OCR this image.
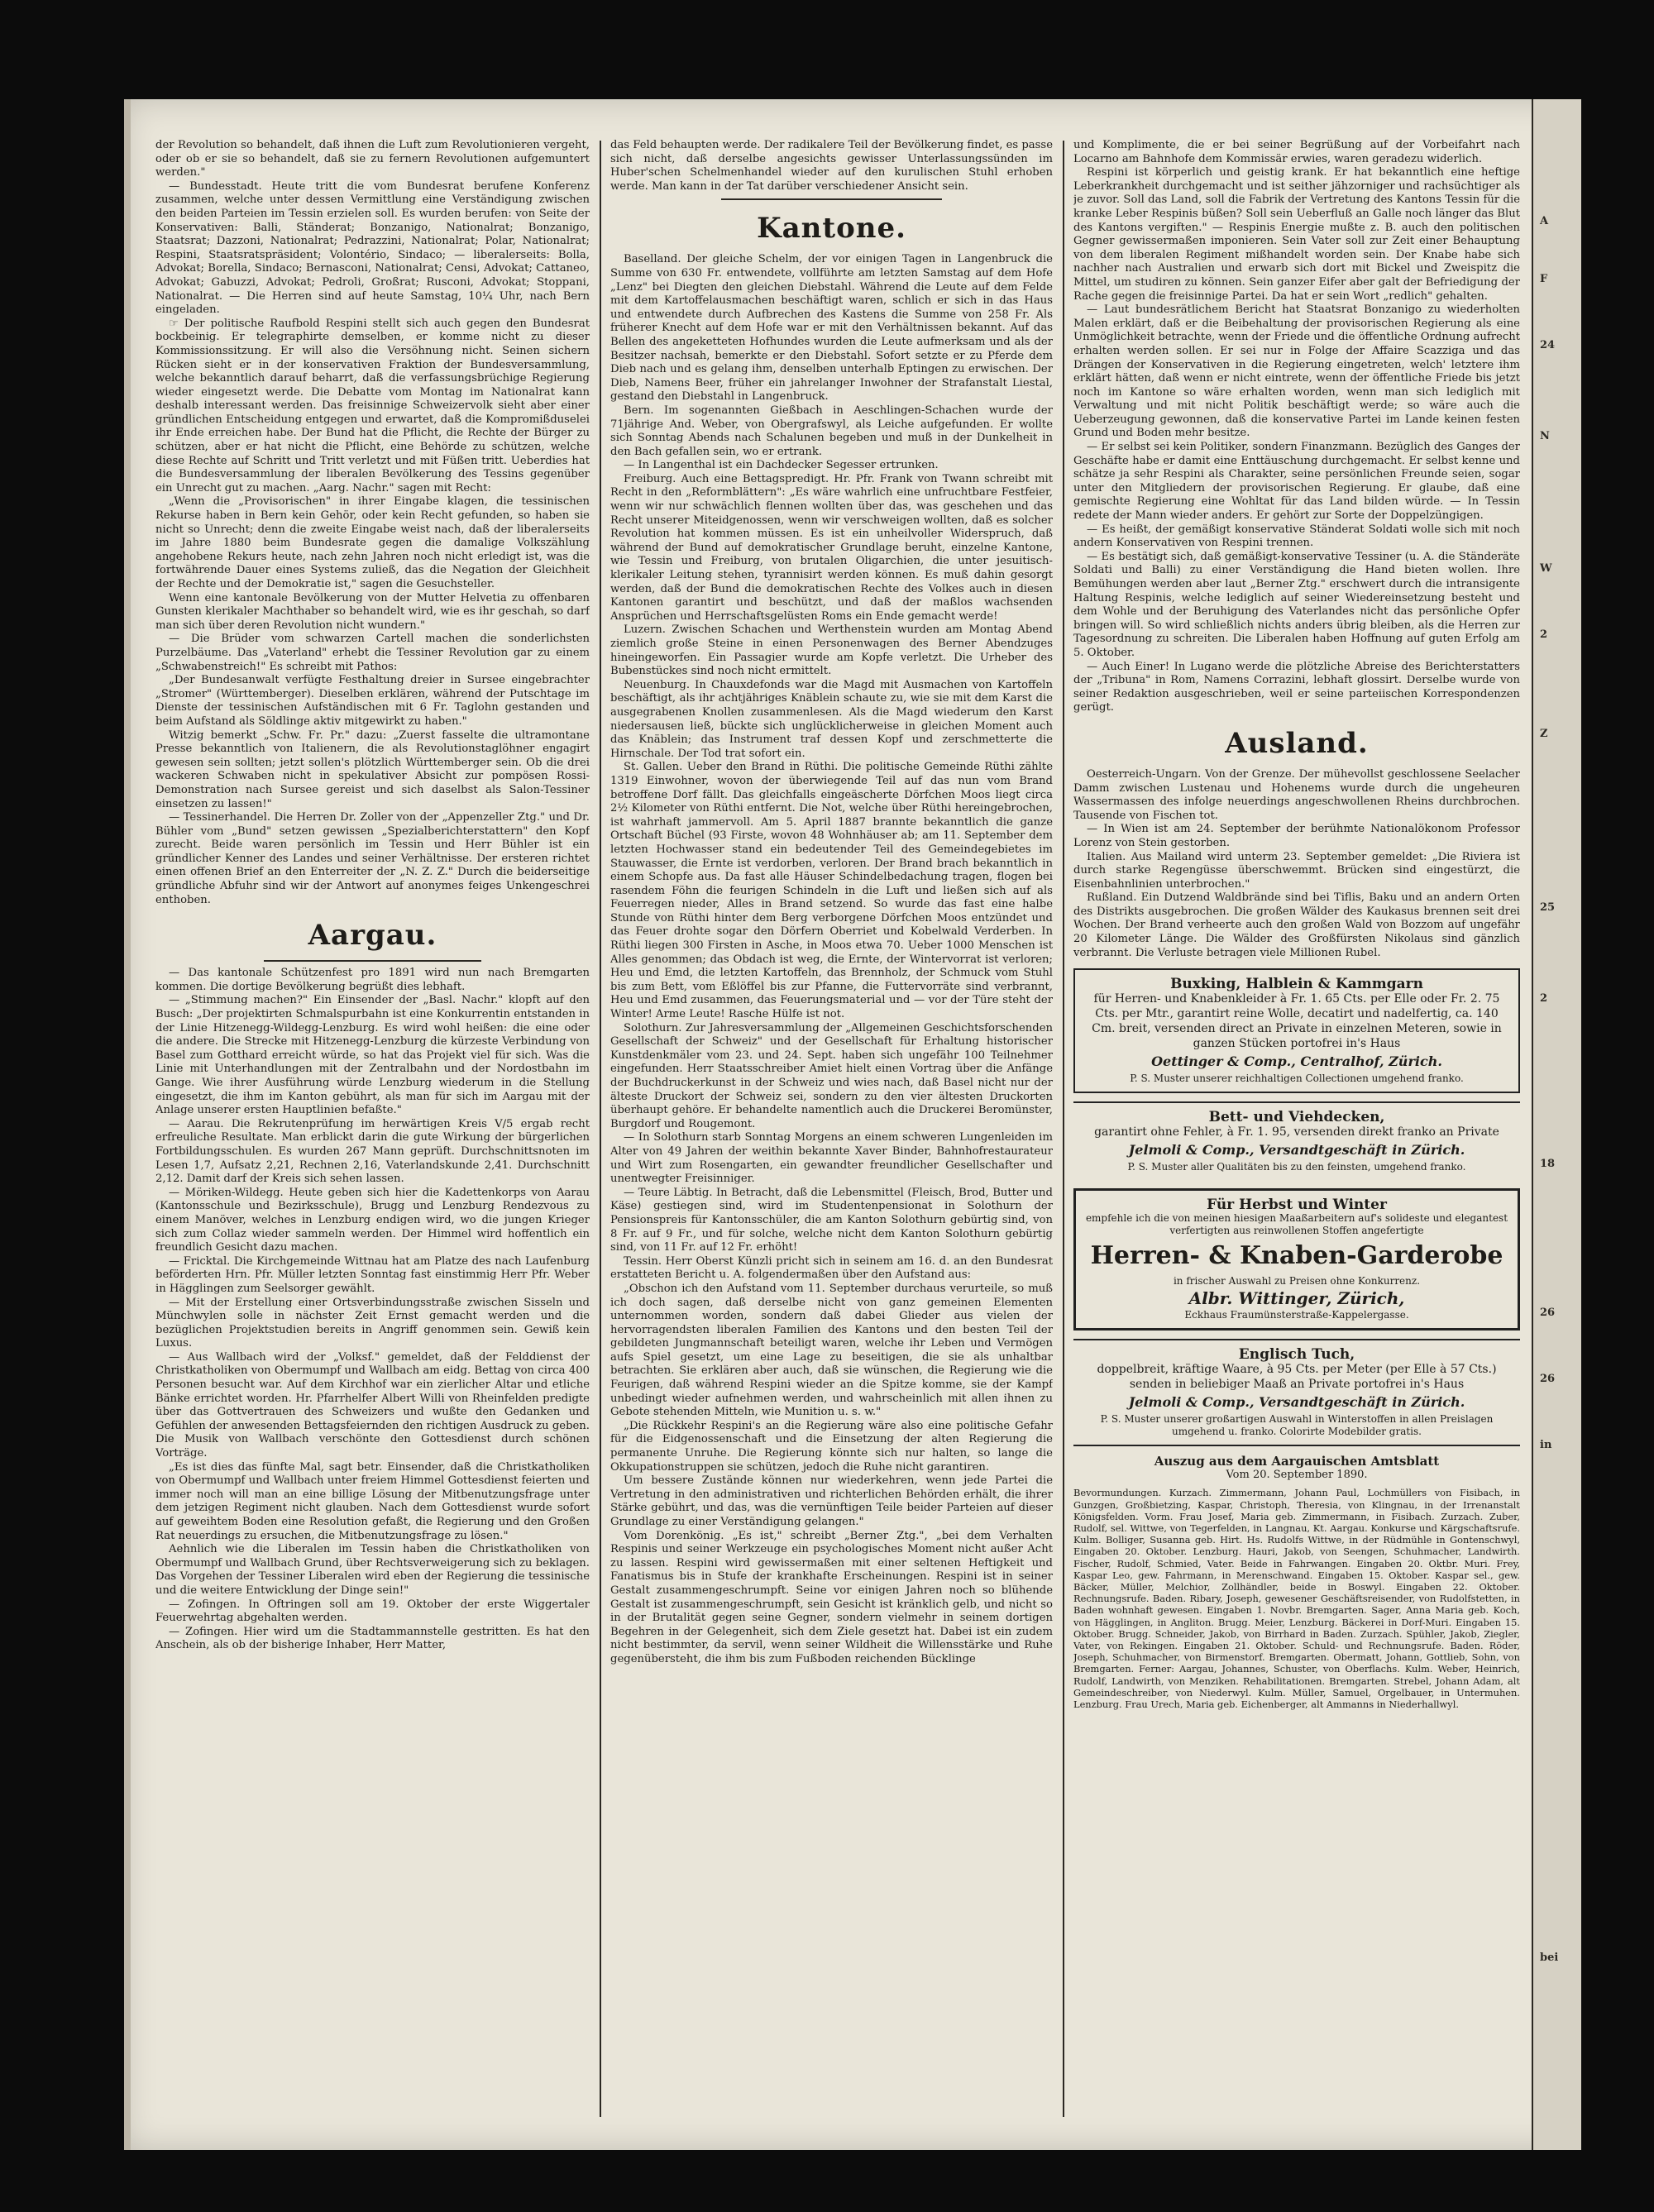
der Revolution so behandelt, daß ihnen die Luft zum Revolutionieren vergeht, oder ob er sie so behandelt, daß sie zu fernern Revolutionen aufgemuntert werden."

— Bundesstadt. Heute tritt die vom Bundesrat berufene Konferenz zusammen, welche unter dessen Vermittlung eine Verständigung zwischen den beiden Parteien im Tessin erzielen soll. Es wurden berufen: von Seite der Konservativen: Balli, Ständerat; Bonzanigo, Nationalrat; Bonzanigo, Staatsrat; Dazzoni, Nationalrat; Pedrazzini, Nationalrat; Polar, Nationalrat; Respini, Staatsratspräsident; Volontério, Sindaco; — liberalerseits: Bolla, Advokat; Borella, Sindaco; Bernasconi, Nationalrat; Censi, Advokat; Cattaneo, Advokat; Gabuzzi, Advokat; Pedroli, Großrat; Rusconi, Advokat; Stoppani, Nationalrat. — Die Herren sind auf heute Samstag, 10¼ Uhr, nach Bern eingeladen.

☞ Der politische Raufbold Respini stellt sich auch gegen den Bundesrat bockbeinig. Er telegraphirte demselben, er komme nicht zu dieser Kommissionssitzung. Er will also die Versöhnung nicht. Seinen sichern Rücken sieht er in der konservativen Fraktion der Bundesversammlung, welche bekanntlich darauf beharrt, daß die verfassungsbrüchige Regierung wieder eingesetzt werde. Die Debatte vom Montag im Nationalrat kann deshalb interessant werden. Das freisinnige Schweizervolk sieht aber einer gründlichen Entscheidung entgegen und erwartet, daß die Kompromißduselei ihr Ende erreichen habe. Der Bund hat die Pflicht, die Rechte der Bürger zu schützen, aber er hat nicht die Pflicht, eine Behörde zu schützen, welche diese Rechte auf Schritt und Tritt verletzt und mit Füßen tritt. Ueberdies hat die Bundesversammlung der liberalen Bevölkerung des Tessins gegenüber ein Unrecht gut zu machen. „Aarg. Nachr." sagen mit Recht:

„Wenn die „Provisorischen" in ihrer Eingabe klagen, die tessinischen Rekurse haben in Bern kein Gehör, oder kein Recht gefunden, so haben sie nicht so Unrecht; denn die zweite Eingabe weist nach, daß der liberalerseits im Jahre 1880 beim Bundesrate gegen die damalige Volkszählung angehobene Rekurs heute, nach zehn Jahren noch nicht erledigt ist, was die fortwährende Dauer eines Systems zuließ, das die Negation der Gleichheit der Rechte und der Demokratie ist," sagen die Gesuchsteller.

Wenn eine kantonale Bevölkerung von der Mutter Helvetia zu offenbaren Gunsten klerikaler Machthaber so behandelt wird, wie es ihr geschah, so darf man sich über deren Revolution nicht wundern."

— Die Brüder vom schwarzen Cartell machen die sonderlichsten Purzelbäume. Das „Vaterland" erhebt die Tessiner Revolution gar zu einem „Schwabenstreich!" Es schreibt mit Pathos:

„Der Bundesanwalt verfügte Festhaltung dreier in Sursee eingebrachter „Stromer" (Württemberger). Dieselben erklären, während der Putschtage im Dienste der tessinischen Aufständischen mit 6 Fr. Taglohn gestanden und beim Aufstand als Söldlinge aktiv mitgewirkt zu haben."

Witzig bemerkt „Schw. Fr. Pr." dazu: „Zuerst fasselte die ultramontane Presse bekanntlich von Italienern, die als Revolutionstaglöhner engagirt gewesen sein sollten; jetzt sollen's plötzlich Württemberger sein. Ob die drei wackeren Schwaben nicht in spekulativer Absicht zur pompösen Rossi-Demonstration nach Sursee gereist und sich daselbst als Salon-Tessiner einsetzen zu lassen!"

— Tessinerhandel. Die Herren Dr. Zoller von der „Appenzeller Ztg." und Dr. Bühler vom „Bund" setzen gewissen „Spezialberichterstattern" den Kopf zurecht. Beide waren persönlich im Tessin und Herr Bühler ist ein gründlicher Kenner des Landes und seiner Verhältnisse. Der ersteren richtet einen offenen Brief an den Enterreiter der „N. Z. Z." Durch die beiderseitige gründliche Abfuhr sind wir der Antwort auf anonymes feiges Unkengeschrei enthoben.

Aargau.

— Das kantonale Schützenfest pro 1891 wird nun nach Bremgarten kommen. Die dortige Bevölkerung begrüßt dies lebhaft.

— „Stimmung machen?" Ein Einsender der „Basl. Nachr." klopft auf den Busch: „Der projektirten Schmalspurbahn ist eine Konkurrentin entstanden in der Linie Hitzenegg-Wildegg-Lenzburg. Es wird wohl heißen: die eine oder die andere. Die Strecke mit Hitzenegg-Lenzburg die kürzeste Verbindung von Basel zum Gotthard erreicht würde, so hat das Projekt viel für sich. Was die Linie mit Unterhandlungen mit der Zentralbahn und der Nordostbahn im Gange. Wie ihrer Ausführung würde Lenzburg wiederum in die Stellung eingesetzt, die ihm im Kanton gebührt, als man für sich im Aargau mit der Anlage unserer ersten Hauptlinien befaßte."

— Aarau. Die Rekrutenprüfung im herwärtigen Kreis V/5 ergab recht erfreuliche Resultate. Man erblickt darin die gute Wirkung der bürgerlichen Fortbildungsschulen. Es wurden 267 Mann geprüft. Durchschnittsnoten im Lesen 1,7, Aufsatz 2,21, Rechnen 2,16, Vaterlandskunde 2,41. Durchschnitt 2,12. Damit darf der Kreis sich sehen lassen.

— Möriken-Wildegg. Heute geben sich hier die Kadettenkorps von Aarau (Kantonsschule und Bezirksschule), Brugg und Lenzburg Rendezvous zu einem Manöver, welches in Lenzburg endigen wird, wo die jungen Krieger sich zum Collaz wieder sammeln werden. Der Himmel wird hoffentlich ein freundlich Gesicht dazu machen.

— Fricktal. Die Kirchgemeinde Wittnau hat am Platze des nach Laufenburg beförderten Hrn. Pfr. Müller letzten Sonntag fast einstimmig Herr Pfr. Weber in Hägglingen zum Seelsorger gewählt.

— Mit der Erstellung einer Ortsverbindungsstraße zwischen Sisseln und Münchwylen solle in nächster Zeit Ernst gemacht werden und die bezüglichen Projektstudien bereits in Angriff genommen sein. Gewiß kein Luxus.

— Aus Wallbach wird der „Volksf." gemeldet, daß der Felddienst der Christkatholiken von Obermumpf und Wallbach am eidg. Bettag von circa 400 Personen besucht war. Auf dem Kirchhof war ein zierlicher Altar und etliche Bänke errichtet worden. Hr. Pfarrhelfer Albert Willi von Rheinfelden predigte über das Gottvertrauen des Schweizers und wußte den Gedanken und Gefühlen der anwesenden Bettagsfeiernden den richtigen Ausdruck zu geben. Die Musik von Wallbach verschönte den Gottesdienst durch schönen Vorträge.

„Es ist dies das fünfte Mal, sagt betr. Einsender, daß die Christkatholiken von Obermumpf und Wallbach unter freiem Himmel Gottesdienst feierten und immer noch will man an eine billige Lösung der Mitbenutzungsfrage unter dem jetzigen Regiment nicht glauben. Nach dem Gottesdienst wurde sofort auf geweihtem Boden eine Resolution gefaßt, die Regierung und den Großen Rat neuerdings zu ersuchen, die Mitbenutzungsfrage zu lösen."

Aehnlich wie die Liberalen im Tessin haben die Christkatholiken von Obermumpf und Wallbach Grund, über Rechtsverweigerung sich zu beklagen. Das Vorgehen der Tessiner Liberalen wird eben der Regierung die tessinische und die weitere Entwicklung der Dinge sein!"

— Zofingen. In Oftringen soll am 19. Oktober der erste Wiggertaler Feuerwehrtag abgehalten werden.

— Zofingen. Hier wird um die Stadtammannstelle gestritten. Es hat den Anschein, als ob der bisherige Inhaber, Herr Matter,

das Feld behaupten werde. Der radikalere Teil der Bevölkerung findet, es passe sich nicht, daß derselbe angesichts gewisser Unterlassungssünden im Huber'schen Schelmenhandel wieder auf den kurulischen Stuhl erhoben werde. Man kann in der Tat darüber verschiedener Ansicht sein.

Kantone.

Baselland. Der gleiche Schelm, der vor einigen Tagen in Langenbruck die Summe von 630 Fr. entwendete, vollführte am letzten Samstag auf dem Hofe „Lenz" bei Diegten den gleichen Diebstahl. Während die Leute auf dem Felde mit dem Kartoffelausmachen beschäftigt waren, schlich er sich in das Haus und entwendete durch Aufbrechen des Kastens die Summe von 258 Fr. Als früherer Knecht auf dem Hofe war er mit den Verhältnissen bekannt. Auf das Bellen des angeketteten Hofhundes wurden die Leute aufmerksam und als der Besitzer nachsah, bemerkte er den Diebstahl. Sofort setzte er zu Pferde dem Dieb nach und es gelang ihm, denselben unterhalb Eptingen zu erwischen. Der Dieb, Namens Beer, früher ein jahrelanger Inwohner der Strafanstalt Liestal, gestand den Diebstahl in Langenbruck.

Bern. Im sogenannten Gießbach in Aeschlingen-Schachen wurde der 71jährige And. Weber, von Obergrafswyl, als Leiche aufgefunden. Er wollte sich Sonntag Abends nach Schalunen begeben und muß in der Dunkelheit in den Bach gefallen sein, wo er ertrank.

— In Langenthal ist ein Dachdecker Segesser ertrunken.

Freiburg. Auch eine Bettagspredigt. Hr. Pfr. Frank von Twann schreibt mit Recht in den „Reformblättern": „Es wäre wahrlich eine unfruchtbare Festfeier, wenn wir nur schwächlich flennen wollten über das, was geschehen und das Recht unserer Miteidgenossen, wenn wir verschweigen wollten, daß es solcher Revolution hat kommen müssen. Es ist ein unheilvoller Widerspruch, daß während der Bund auf demokratischer Grundlage beruht, einzelne Kantone, wie Tessin und Freiburg, von brutalen Oligarchien, die unter jesuitisch-klerikaler Leitung stehen, tyrannisirt werden können. Es muß dahin gesorgt werden, daß der Bund die demokratischen Rechte des Volkes auch in diesen Kantonen garantirt und beschützt, und daß der maßlos wachsenden Ansprüchen und Herrschaftsgelüsten Roms ein Ende gemacht werde!

Luzern. Zwischen Schachen und Werthenstein wurden am Montag Abend ziemlich große Steine in einen Personenwagen des Berner Abendzuges hineingeworfen. Ein Passagier wurde am Kopfe verletzt. Die Urheber des Bubenstückes sind noch nicht ermittelt.

Neuenburg. In Chauxdefonds war die Magd mit Ausmachen von Kartoffeln beschäftigt, als ihr achtjähriges Knäblein schaute zu, wie sie mit dem Karst die ausgegrabenen Knollen zusammenlesen. Als die Magd wiederum den Karst niedersausen ließ, bückte sich unglücklicherweise in gleichen Moment auch das Knäblein; das Instrument traf dessen Kopf und zerschmetterte die Hirnschale. Der Tod trat sofort ein.

St. Gallen. Ueber den Brand in Rüthi. Die politische Gemeinde Rüthi zählte 1319 Einwohner, wovon der überwiegende Teil auf das nun vom Brand betroffene Dorf fällt. Das gleichfalls eingeäscherte Dörfchen Moos liegt circa 2½ Kilometer von Rüthi entfernt. Die Not, welche über Rüthi hereingebrochen, ist wahrhaft jammervoll. Am 5. April 1887 brannte bekanntlich die ganze Ortschaft Büchel (93 Firste, wovon 48 Wohnhäuser ab; am 11. September dem letzten Hochwasser stand ein bedeutender Teil des Gemeindegebietes im Stauwasser, die Ernte ist verdorben, verloren. Der Brand brach bekanntlich in einem Schopfe aus. Da fast alle Häuser Schindelbedachung tragen, flogen bei rasendem Föhn die feurigen Schindeln in die Luft und ließen sich auf als Feuerregen nieder, Alles in Brand setzend. So wurde das fast eine halbe Stunde von Rüthi hinter dem Berg verborgene Dörfchen Moos entzündet und das Feuer drohte sogar den Dörfern Oberriet und Kobelwald Verderben. In Rüthi liegen 300 Firsten in Asche, in Moos etwa 70. Ueber 1000 Menschen ist Alles genommen; das Obdach ist weg, die Ernte, der Wintervorrat ist verloren; Heu und Emd, die letzten Kartoffeln, das Brennholz, der Schmuck vom Stuhl bis zum Bett, vom Eßlöffel bis zur Pfanne, die Futtervorräte sind verbrannt, Heu und Emd zusammen, das Feuerungsmaterial und — vor der Türe steht der Winter! Arme Leute! Rasche Hülfe ist not.

Solothurn. Zur Jahresversammlung der „Allgemeinen Geschichtsforschenden Gesellschaft der Schweiz" und der Gesellschaft für Erhaltung historischer Kunstdenkmäler vom 23. und 24. Sept. haben sich ungefähr 100 Teilnehmer eingefunden. Herr Staatsschreiber Amiet hielt einen Vortrag über die Anfänge der Buchdruckerkunst in der Schweiz und wies nach, daß Basel nicht nur der älteste Druckort der Schweiz sei, sondern zu den vier ältesten Druckorten überhaupt gehöre. Er behandelte namentlich auch die Druckerei Beromünster, Burgdorf und Rougemont.

— In Solothurn starb Sonntag Morgens an einem schweren Lungenleiden im Alter von 49 Jahren der weithin bekannte Xaver Binder, Bahnhofrestaurateur und Wirt zum Rosengarten, ein gewandter freundlicher Gesellschafter und unentwegter Freisinniger.

— Teure Läbtig. In Betracht, daß die Lebensmittel (Fleisch, Brod, Butter und Käse) gestiegen sind, wird im Studentenpensionat in Solothurn der Pensionspreis für Kantonsschüler, die am Kanton Solothurn gebürtig sind, von 8 Fr. auf 9 Fr., und für solche, welche nicht dem Kanton Solothurn gebürtig sind, von 11 Fr. auf 12 Fr. erhöht!

Tessin. Herr Oberst Künzli pricht sich in seinem am 16. d. an den Bundesrat erstatteten Bericht u. A. folgendermaßen über den Aufstand aus:

„Obschon ich den Aufstand vom 11. September durchaus verurteile, so muß ich doch sagen, daß derselbe nicht von ganz gemeinen Elementen unternommen worden, sondern daß dabei Glieder aus vielen der hervorragendsten liberalen Familien des Kantons und den besten Teil der gebildeten Jungmannschaft beteiligt waren, welche ihr Leben und Vermögen aufs Spiel gesetzt, um eine Lage zu beseitigen, die sie als unhaltbar betrachten. Sie erklären aber auch, daß sie wünschen, die Regierung wie die Feurigen, daß während Respini wieder an die Spitze komme, sie der Kampf unbedingt wieder aufnehmen werden, und wahrscheinlich mit allen ihnen zu Gebote stehenden Mitteln, wie Munition u. s. w."

„Die Rückkehr Respini's an die Regierung wäre also eine politische Gefahr für die Eidgenossenschaft und die Einsetzung der alten Regierung die permanente Unruhe. Die Regierung könnte sich nur halten, so lange die Okkupationstruppen sie schützen, jedoch die Ruhe nicht garantiren.

Um bessere Zustände können nur wiederkehren, wenn jede Partei die Vertretung in den administrativen und richterlichen Behörden erhält, die ihrer Stärke gebührt, und das, was die vernünftigen Teile beider Parteien auf dieser Grundlage zu einer Verständigung gelangen."

Vom Dorenkönig. „Es ist," schreibt „Berner Ztg.", „bei dem Verhalten Respinis und seiner Werkzeuge ein psychologisches Moment nicht außer Acht zu lassen. Respini wird gewissermaßen mit einer seltenen Heftigkeit und Fanatismus bis in Stufe der krankhafte Erscheinungen. Respini ist in seiner Gestalt zusammengeschrumpft. Seine vor einigen Jahren noch so blühende Gestalt ist zusammengeschrumpft, sein Gesicht ist kränklich gelb, und nicht so in der Brutalität gegen seine Gegner, sondern vielmehr in seinem dortigen Begehren in der Gelegenheit, sich dem Ziele gesetzt hat. Dabei ist ein zudem nicht bestimmter, da servil, wenn seiner Wildheit die Willensstärke und Ruhe gegenübersteht, die ihm bis zum Fußboden reichenden Bücklinge

und Komplimente, die er bei seiner Begrüßung auf der Vorbeifahrt nach Locarno am Bahnhofe dem Kommissär erwies, waren geradezu widerlich.

Respini ist körperlich und geistig krank. Er hat bekanntlich eine heftige Leberkrankheit durchgemacht und ist seither jähzorniger und rachsüchtiger als je zuvor. Soll das Land, soll die Fabrik der Vertretung des Kantons Tessin für die kranke Leber Respinis büßen? Soll sein Ueberfluß an Galle noch länger das Blut des Kantons vergiften." — Respinis Energie mußte z. B. auch den politischen Gegner gewissermaßen imponieren. Sein Vater soll zur Zeit einer Behauptung von dem liberalen Regiment mißhandelt worden sein. Der Knabe habe sich nachher nach Australien und erwarb sich dort mit Bickel und Zweispitz die Mittel, um studiren zu können. Sein ganzer Eifer aber galt der Befriedigung der Rache gegen die freisinnige Partei. Da hat er sein Wort „redlich" gehalten.

— Laut bundesrätlichem Bericht hat Staatsrat Bonzanigo zu wiederholten Malen erklärt, daß er die Beibehaltung der provisorischen Regierung als eine Unmöglichkeit betrachte, wenn der Friede und die öffentliche Ordnung aufrecht erhalten werden sollen. Er sei nur in Folge der Affaire Scazziga und das Drängen der Konservativen in die Regierung eingetreten, welch' letztere ihm erklärt hätten, daß wenn er nicht eintrete, wenn der öffentliche Friede bis jetzt noch im Kantone so wäre erhalten worden, wenn man sich lediglich mit Verwaltung und mit nicht Politik beschäftigt werde; so wäre auch die Ueberzeugung gewonnen, daß die konservative Partei im Lande keinen festen Grund und Boden mehr besitze.

— Er selbst sei kein Politiker, sondern Finanzmann. Bezüglich des Ganges der Geschäfte habe er damit eine Enttäuschung durchgemacht. Er selbst kenne und schätze ja sehr Respini als Charakter, seine persönlichen Freunde seien, sogar unter den Mitgliedern der provisorischen Regierung. Er glaube, daß eine gemischte Regierung eine Wohltat für das Land bilden würde. — In Tessin redete der Mann wieder anders. Er gehört zur Sorte der Doppelzüngigen.

— Es heißt, der gemäßigt konservative Ständerat Soldati wolle sich mit noch andern Konservativen von Respini trennen.

— Es bestätigt sich, daß gemäßigt-konservative Tessiner (u. A. die Ständeräte Soldati und Balli) zu einer Verständigung die Hand bieten wollen. Ihre Bemühungen werden aber laut „Berner Ztg." erschwert durch die intransigente Haltung Respinis, welche lediglich auf seiner Wiedereinsetzung besteht und dem Wohle und der Beruhigung des Vaterlandes nicht das persönliche Opfer bringen will. So wird schließlich nichts anders übrig bleiben, als die Herren zur Tagesordnung zu schreiten. Die Liberalen haben Hoffnung auf guten Erfolg am 5. Oktober.

— Auch Einer! In Lugano werde die plötzliche Abreise des Berichterstatters der „Tribuna" in Rom, Namens Corrazini, lebhaft glossirt. Derselbe wurde von seiner Redaktion ausgeschrieben, weil er seine parteiischen Korrespondenzen gerügt.

Ausland.

Oesterreich-Ungarn. Von der Grenze. Der mühevollst geschlossene Seelacher Damm zwischen Lustenau und Hohenems wurde durch die ungeheuren Wassermassen des infolge neuerdings angeschwollenen Rheins durchbrochen. Tausende von Fischen tot.

— In Wien ist am 24. September der berühmte Nationalökonom Professor Lorenz von Stein gestorben.

Italien. Aus Mailand wird unterm 23. September gemeldet: „Die Riviera ist durch starke Regengüsse überschwemmt. Brücken sind eingestürzt, die Eisenbahnlinien unterbrochen."

Rußland. Ein Dutzend Waldbrände sind bei Tiflis, Baku und an andern Orten des Distrikts ausgebrochen. Die großen Wälder des Kaukasus brennen seit drei Wochen. Der Brand verheerte auch den großen Wald von Bozzom auf ungefähr 20 Kilometer Länge. Die Wälder des Großfürsten Nikolaus sind gänzlich verbrannt. Die Verluste betragen viele Millionen Rubel.

Buxking, Halblein & Kammgarn
für Herren- und Knabenkleider à Fr. 1. 65 Cts. per Elle oder Fr. 2. 75 Cts. per Mtr., garantirt reine Wolle, decatirt und nadelfertig, ca. 140 Cm. breit, versenden direct an Private in einzelnen Meteren, sowie in ganzen Stücken portofrei in's Haus
Oettinger & Comp., Centralhof, Zürich.
P. S. Muster unserer reichhaltigen Collectionen umgehend franko.
Bett- und Viehdecken,
garantirt ohne Fehler, à Fr. 1. 95, versenden direkt franko an Private
Jelmoli & Comp., Versandtgeschäft in Zürich.
P. S. Muster aller Qualitäten bis zu den feinsten, umgehend franko.
Für Herbst und Winter
empfehle ich die von meinen hiesigen Maaßarbeitern auf's solideste und elegantest verfertigten aus reinwollenen Stoffen angefertigte
Herren- & Knaben-Garderobe
in frischer Auswahl zu Preisen ohne Konkurrenz.
Albr. Wittinger, Zürich,
Eckhaus Fraumünsterstraße-Kappelergasse.
Englisch Tuch,
doppelbreit, kräftige Waare, à 95 Cts. per Meter (per Elle à 57 Cts.) senden in beliebiger Maaß an Private portofrei in's Haus
Jelmoli & Comp., Versandtgeschäft in Zürich.
P. S. Muster unserer großartigen Auswahl in Winterstoffen in allen Preislagen umgehend u. franko. Colorirte Modebilder gratis.
Auszug aus dem Aargauischen Amtsblatt
Vom 20. September 1890.
Bevormundungen. Kurzach. Zimmermann, Johann Paul, Lochmüllers von Fisibach, in Gunzgen, Großbietzing, Kaspar, Christoph, Theresia, von Klingnau, in der Irrenanstalt Königsfelden. Vorm. Frau Josef, Maria geb. Zimmermann, in Fisibach. Zurzach. Zuber, Rudolf, sel. Wittwe, von Tegerfelden, in Langnau, Kt. Aargau. Konkurse und Kärgschaftsrufe. Kulm. Bolliger, Susanna geb. Hirt. Hs. Rudolfs Wittwe, in der Rüdmühle in Gontenschwyl, Eingaben 20. Oktober. Lenzburg. Hauri, Jakob, von Seengen, Schuhmacher, Landwirth. Fischer, Rudolf, Schmied, Vater. Beide in Fahrwangen. Eingaben 20. Oktbr. Muri. Frey, Kaspar Leo, gew. Fahrmann, in Merenschwand. Eingaben 15. Oktober. Kaspar sel., gew. Bäcker, Müller, Melchior, Zollhändler, beide in Boswyl. Eingaben 22. Oktober. Rechnungsrufe. Baden. Ribary, Joseph, gewesener Geschäftsreisender, von Rudolfstetten, in Baden wohnhaft gewesen. Eingaben 1. Novbr. Bremgarten. Sager, Anna Maria geb. Koch, von Hägglingen, in Angliton. Brugg. Meier, Lenzburg. Bäckerei in Dorf-Muri. Eingaben 15. Oktober. Brugg. Schneider, Jakob, von Birrhard in Baden. Zurzach. Spühler, Jakob, Ziegler, Vater, von Rekingen. Eingaben 21. Oktober. Schuld- und Rechnungsrufe. Baden. Röder, Joseph, Schuhmacher, von Birmenstorf. Bremgarten. Obermatt, Johann, Gottlieb, Sohn, von Bremgarten. Ferner: Aargau, Johannes, Schuster, von Oberflachs. Kulm. Weber, Heinrich, Rudolf, Landwirth, von Menziken. Rehabilitationen. Bremgarten. Strebel, Johann Adam, alt Gemeindeschreiber, von Niederwyl. Kulm. Müller, Samuel, Orgelbauer, in Untermuhen. Lenzburg. Frau Urech, Maria geb. Eichenberger, alt Ammanns in Niederhallwyl.
A
F
24
N
W
2
Z
25
2
18
26
26
in
bei
